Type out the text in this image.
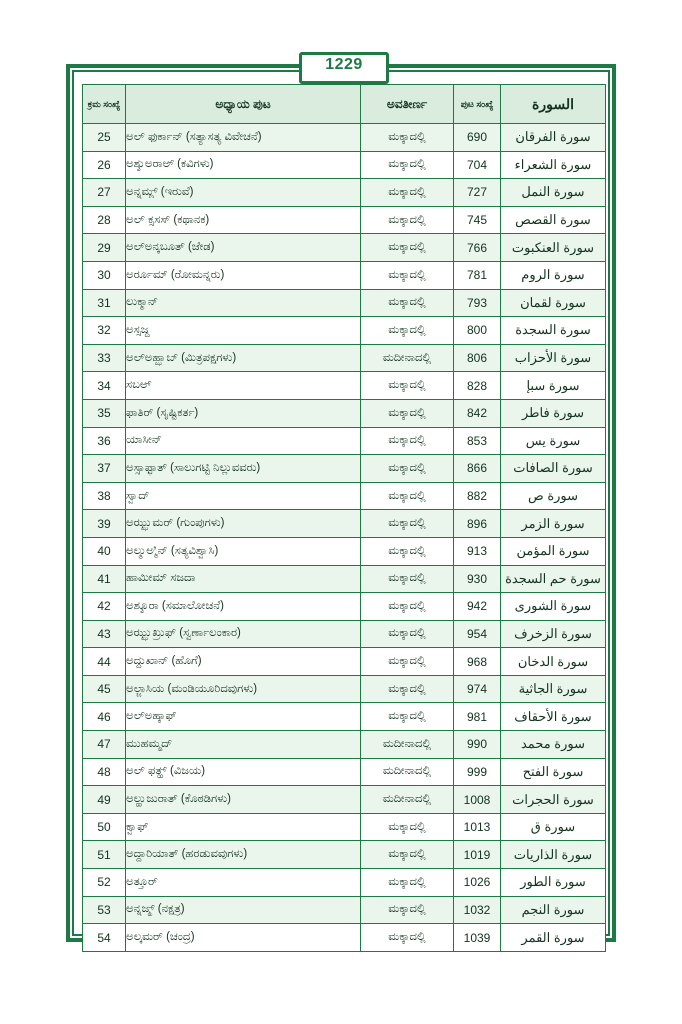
1229
ಕ್ರಮ ಸಂಖ್ಯೆ	ಅಧ್ಯಾಯ ಪುಟ	ಅವತೀರ್ಣ	ಪುಟ ಸಂಖ್ಯೆ	السورة
25	ಅಲ್ ಫುರ್ಕಾನ್ (ಸತ್ಯಾಸತ್ಯ ವಿವೇಚನೆ)	ಮಕ್ಕಾದಲ್ಲಿ	690	سورة الفرقان
26	ಅಶ್ಶುಅರಾಅ್ (ಕವಿಗಳು)	ಮಕ್ಕಾದಲ್ಲಿ	704	سورة الشعراء
27	ಅನ್ನಮ್ಲ್ (ಇರುವೆ)	ಮಕ್ಕಾದಲ್ಲಿ	727	سورة النمل
28	ಅಲ್ ಕ್ಸಸಸ್ (ಕಥಾನಕ)	ಮಕ್ಕಾದಲ್ಲಿ	745	سورة القصص
29	ಅಲ್ಅನ್ಕಬೂತ್ (ಜೇಡ)	ಮಕ್ಕಾದಲ್ಲಿ	766	سورة العنكبوت
30	ಅರ್ರೂಮ್ (ರೋಮನ್ನರು)	ಮಕ್ಕಾದಲ್ಲಿ	781	سورة الروم
31	ಲುಕ್ಮಾನ್	ಮಕ್ಕಾದಲ್ಲಿ	793	سورة لقمان
32	ಅಸ್ಸಜ್ದ	ಮಕ್ಕಾದಲ್ಲಿ	800	سورة السجدة
33	ಅಲ್ಅಹ್ಝಾಬ್ (ಮಿತ್ರಪಕ್ಷಗಳು)	ಮದೀನಾದಲ್ಲಿ	806	سورة الأحزاب
34	ಸಬಅ್	ಮಕ್ಕಾದಲ್ಲಿ	828	سورة سبإ
35	ಫಾತಿರ್ (ಸೃಷ್ಟಿಕರ್ತ)	ಮಕ್ಕಾದಲ್ಲಿ	842	سورة فاطر
36	ಯಾಸೀನ್	ಮಕ್ಕಾದಲ್ಲಿ	853	سورة يس
37	ಅಸ್ಸಾಫ್ಫಾತ್ (ಸಾಲುಗಟ್ಟಿ ನಿಲ್ಲುವವರು)	ಮಕ್ಕಾದಲ್ಲಿ	866	سورة الصافات
38	ಸ್ವಾದ್	ಮಕ್ಕಾದಲ್ಲಿ	882	سورة ص
39	ಅಝ್ಝುಮರ್ (ಗುಂಪುಗಳು)	ಮಕ್ಕಾದಲ್ಲಿ	896	سورة الزمر
40	ಅಲ್ಮುಅ್ಮಿನ್ (ಸತ್ಯವಿಶ್ವಾಸಿ)	ಮಕ್ಕಾದಲ್ಲಿ	913	سورة المؤمن
41	ಹಾಮೀಮ್ ಸಜದಾ	ಮಕ್ಕಾದಲ್ಲಿ	930	سورة حم السجدة
42	ಅಶ್ಶೂರಾ (ಸಮಾಲೋಚನೆ)	ಮಕ್ಕಾದಲ್ಲಿ	942	سورة الشورى
43	ಅಝ್ಝುಖ್ರುಫ್ (ಸ್ವರ್ಣಾಲಂಕಾರ)	ಮಕ್ಕಾದಲ್ಲಿ	954	سورة الزخرف
44	ಅದ್ದುಖಾನ್ (ಹೊಗೆ)	ಮಕ್ಕಾದಲ್ಲಿ	968	سورة الدخان
45	ಅಲ್ಜಾಸಿಯ (ಮಂಡಿಯೂರಿದವುಗಳು)	ಮಕ್ಕಾದಲ್ಲಿ	974	سورة الجاثية
46	ಅಲ್ಅಹ್ಕಾಫ್	ಮಕ್ಕಾದಲ್ಲಿ	981	سورة الأحقاف
47	ಮುಹಮ್ಮದ್	ಮದೀನಾದಲ್ಲಿ	990	سورة محمد
48	ಅಲ್ ಫತ್ಹ್ (ವಿಜಯ)	ಮದೀನಾದಲ್ಲಿ	999	سورة الفتح
49	ಅಲ್ಹುಜುರಾತ್ (ಕೊಠಡಿಗಳು)	ಮದೀನಾದಲ್ಲಿ	1008	سورة الحجرات
50	ಕ್ವಾಫ್	ಮಕ್ಕಾದಲ್ಲಿ	1013	سورة ق
51	ಅದ್ದಾರಿಯಾತ್ (ಹರಡುವವುಗಳು)	ಮಕ್ಕಾದಲ್ಲಿ	1019	سورة الذاريات
52	ಅತ್ತೂರ್	ಮಕ್ಕಾದಲ್ಲಿ	1026	سورة الطور
53	ಅನ್ನಜ್ಮ್ (ನಕ್ಷತ್ರ)	ಮಕ್ಕಾದಲ್ಲಿ	1032	سورة النجم
54	ಅಲ್ಕಮರ್ (ಚಂದ್ರ)	ಮಕ್ಕಾದಲ್ಲಿ	1039	سورة القمر
